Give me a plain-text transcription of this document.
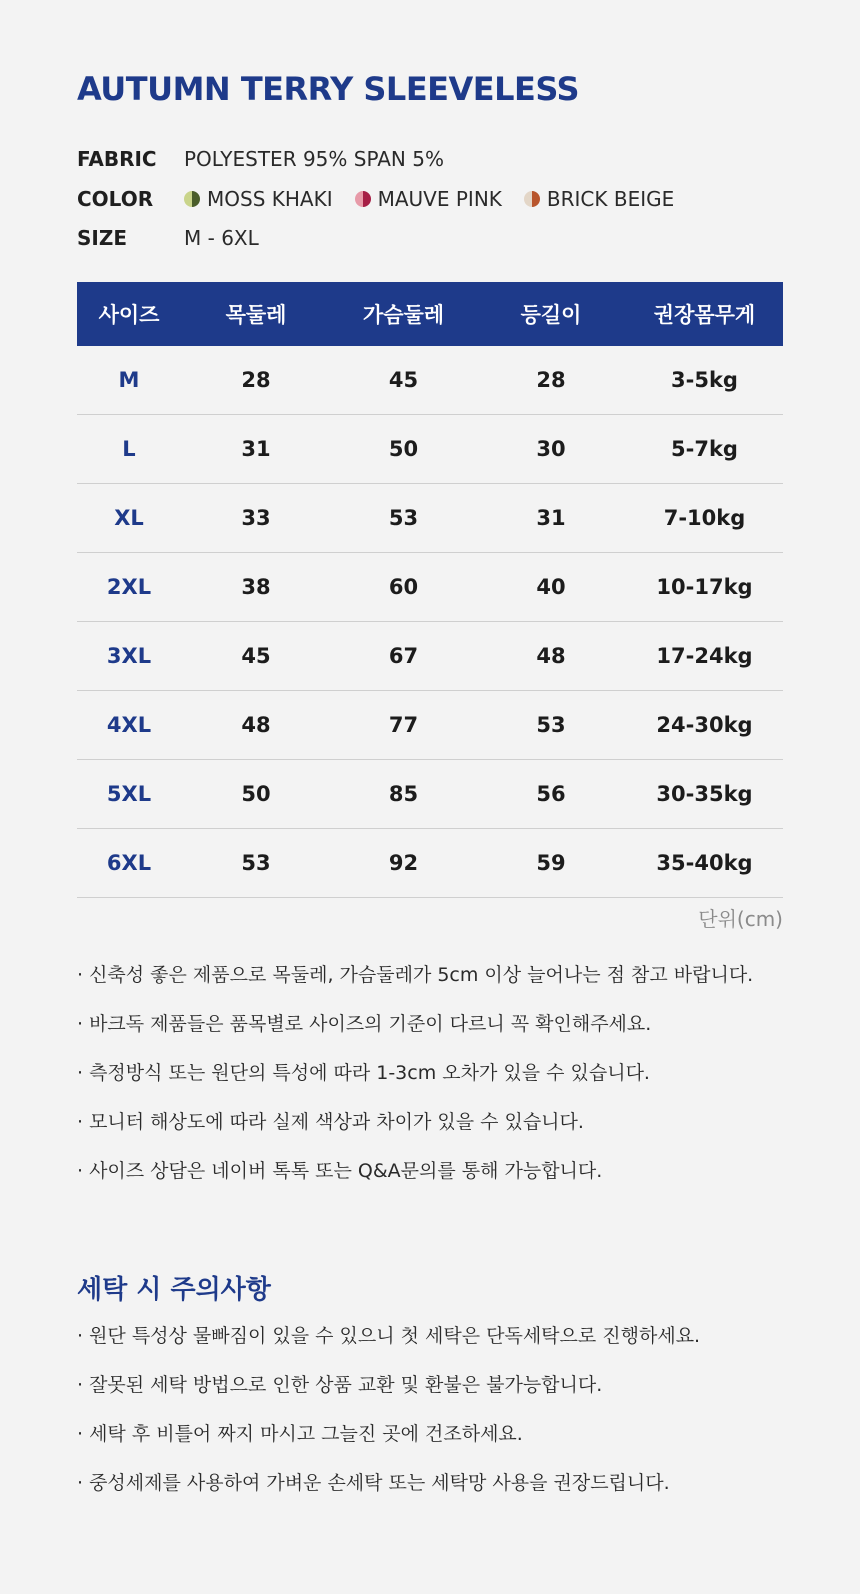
AUTUMN TERRY SLEEVELESS
FABRIC	POLYESTER 95% SPAN 5%
COLOR	MOSS KHAKI MAUVE PINK BRICK BEIGE
SIZE	M - 6XL
사이즈	목둘레	가슴둘레	등길이	권장몸무게
M	28	45	28	3-5kg
L	31	50	30	5-7kg
XL	33	53	31	7-10kg
2XL	38	60	40	10-17kg
3XL	45	67	48	17-24kg
4XL	48	77	53	24-30kg
5XL	50	85	56	30-35kg
6XL	53	92	59	35-40kg
단위(cm)
· 신축성 좋은 제품으로 목둘레, 가슴둘레가 5cm 이상 늘어나는 점 참고 바랍니다.
· 바크독 제품들은 품목별로 사이즈의 기준이 다르니 꼭 확인해주세요.
· 측정방식 또는 원단의 특성에 따라 1-3cm 오차가 있을 수 있습니다.
· 모니터 해상도에 따라 실제 색상과 차이가 있을 수 있습니다.
· 사이즈 상담은 네이버 톡톡 또는 Q&A문의를 통해 가능합니다.
세탁 시 주의사항
· 원단 특성상 물빠짐이 있을 수 있으니 첫 세탁은 단독세탁으로 진행하세요.
· 잘못된 세탁 방법으로 인한 상품 교환 및 환불은 불가능합니다.
· 세탁 후 비틀어 짜지 마시고 그늘진 곳에 건조하세요.
· 중성세제를 사용하여 가벼운 손세탁 또는 세탁망 사용을 권장드립니다.
